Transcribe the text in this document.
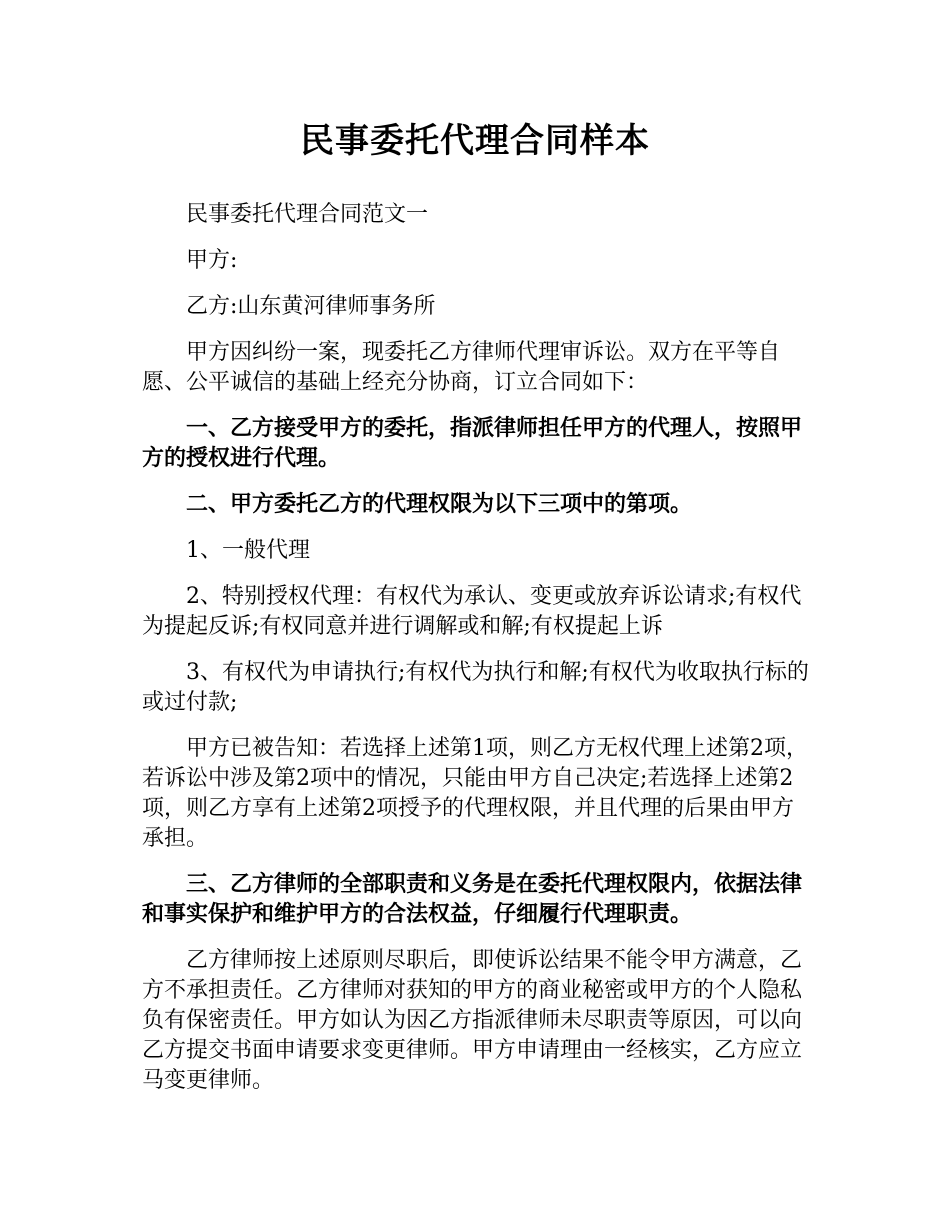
民事委托代理合同样本

民事委托代理合同范文一

甲方:

乙方:山东黄河律师事务所

甲方因纠纷一案，现委托乙方律师代理审诉讼。双方在平等自愿、公平诚信的基础上经充分协商，订立合同如下：

一、乙方接受甲方的委托，指派律师担任甲方的代理人，按照甲方的授权进行代理。

二、甲方委托乙方的代理权限为以下三项中的第项。

1、一般代理

2、特别授权代理：有权代为承认、变更或放弃诉讼请求;有权代为提起反诉;有权同意并进行调解或和解;有权提起上诉

3、有权代为申请执行;有权代为执行和解;有权代为收取执行标的或过付款;

甲方已被告知：若选择上述第1项，则乙方无权代理上述第2项，若诉讼中涉及第2项中的情况，只能由甲方自己决定;若选择上述第2项，则乙方享有上述第2项授予的代理权限，并且代理的后果由甲方承担。

三、乙方律师的全部职责和义务是在委托代理权限内，依据法律和事实保护和维护甲方的合法权益，仔细履行代理职责。

乙方律师按上述原则尽职后，即使诉讼结果不能令甲方满意，乙方不承担责任。乙方律师对获知的甲方的商业秘密或甲方的个人隐私负有保密责任。甲方如认为因乙方指派律师未尽职责等原因，可以向乙方提交书面申请要求变更律师。甲方申请理由一经核实，乙方应立马变更律师。
